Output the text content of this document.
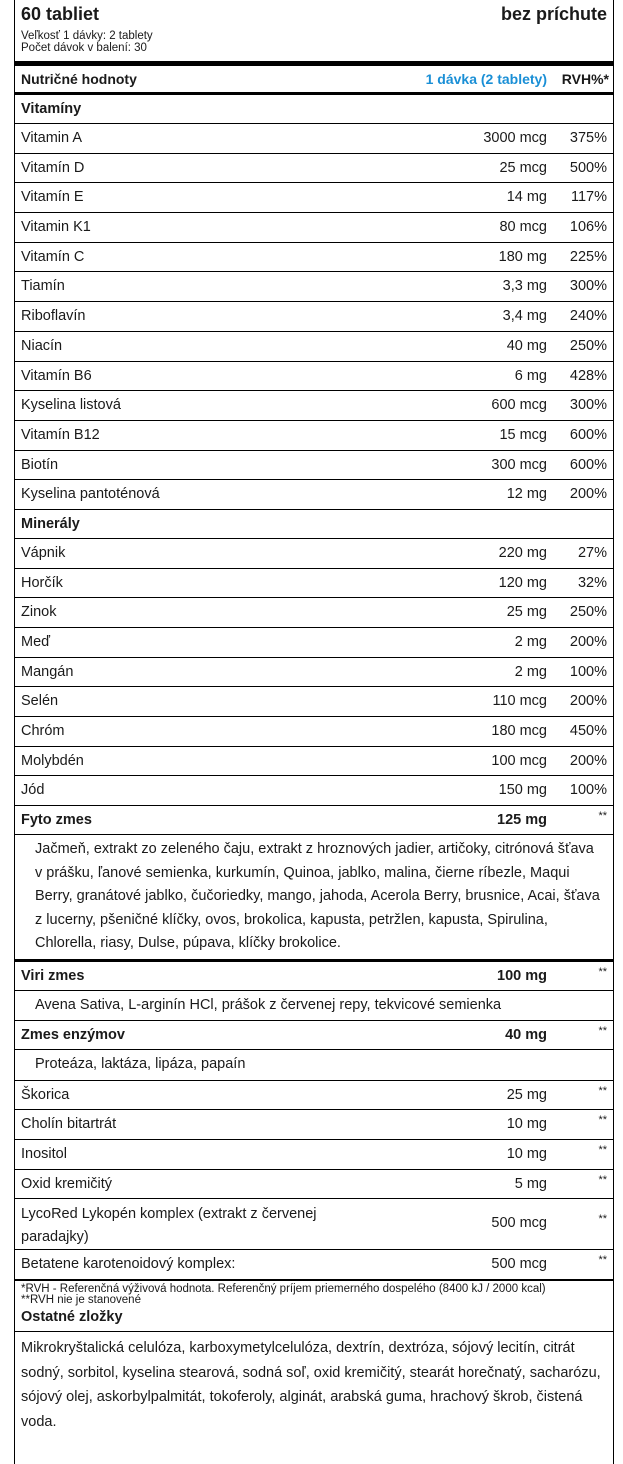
60 tabliet	bez príchute
Veľkosť 1 dávky: 2 tablety
Počet dávok v balení: 30
Nutričné hodnoty	1 dávka (2 tablety) RVH%*
Vitamíny
Vitamin A	3000 mcg 375%
Vitamín D	25 mcg 500%
Vitamín E	14 mg 117%
Vitamin K1	80 mcg 106%
Vitamín C	180 mg 225%
Tiamín	3,3 mg 300%
Riboflavín	3,4 mg 240%
Niacín	40 mg 250%
Vitamín B6	6 mg 428%
Kyselina listová	600 mcg 300%
Vitamín B12	15 mcg 600%
Biotín	300 mcg 600%
Kyselina pantoténová	12 mg 200%
Minerály
Vápnik	220 mg 27%
Horčík	120 mg 32%
Zinok	25 mg 250%
Meď	2 mg 200%
Mangán	2 mg 100%
Selén	110 mcg 200%
Chróm	180 mcg 450%
Molybdén	100 mcg 200%
Jód	150 mg 100%
Fyto zmes	125 mg	**
Jačmeň, extrakt zo zeleného čaju, extrakt z hroznových jadier, artičoky, citrónová šťava v prášku, ľanové semienka, kurkumín, Quinoa, jablko, malina, čierne ríbezle, Maqui Berry, granátové jablko, čučoriedky, mango, jahoda, Acerola Berry, brusnice, Acai, šťava z lucerny, pšeničné klíčky, ovos, brokolica, kapusta, petržlen, kapusta, Spirulina, Chlorella, riasy, Dulse, púpava, klíčky brokolice.
Viri zmes	100 mg	**
Avena Sativa, L-arginín HCl, prášok z červenej repy, tekvicové semienka
Zmes enzýmov	40 mg	**
Proteáza, laktáza, lipáza, papaín
Škorica	25 mg	**
Cholín bitartrát	10 mg	**
Inositol	10 mg	**
Oxid kremičitý	5 mg	**
LycoRed Lykopén komplex (extrakt z červenej paradajky)
500 mcg	**
Betatene karotenoidový komplex:	500 mcg	**
*RVH - Referenčná výživová hodnota. Referenčný príjem priemerného dospelého (8400 kJ / 2000 kcal)
**RVH nie je stanovené
Ostatné zložky
Mikrokryštalická celulóza, karboxymetylcelulóza, dextrín, dextróza, sójový lecitín, citrát sodný, sorbitol, kyselina stearová, sodná soľ, oxid kremičitý, stearát horečnatý, sacharózu, sójový olej, askorbylpalmitát, tokoferoly, alginát, arabská guma, hrachový škrob, čistená voda.
